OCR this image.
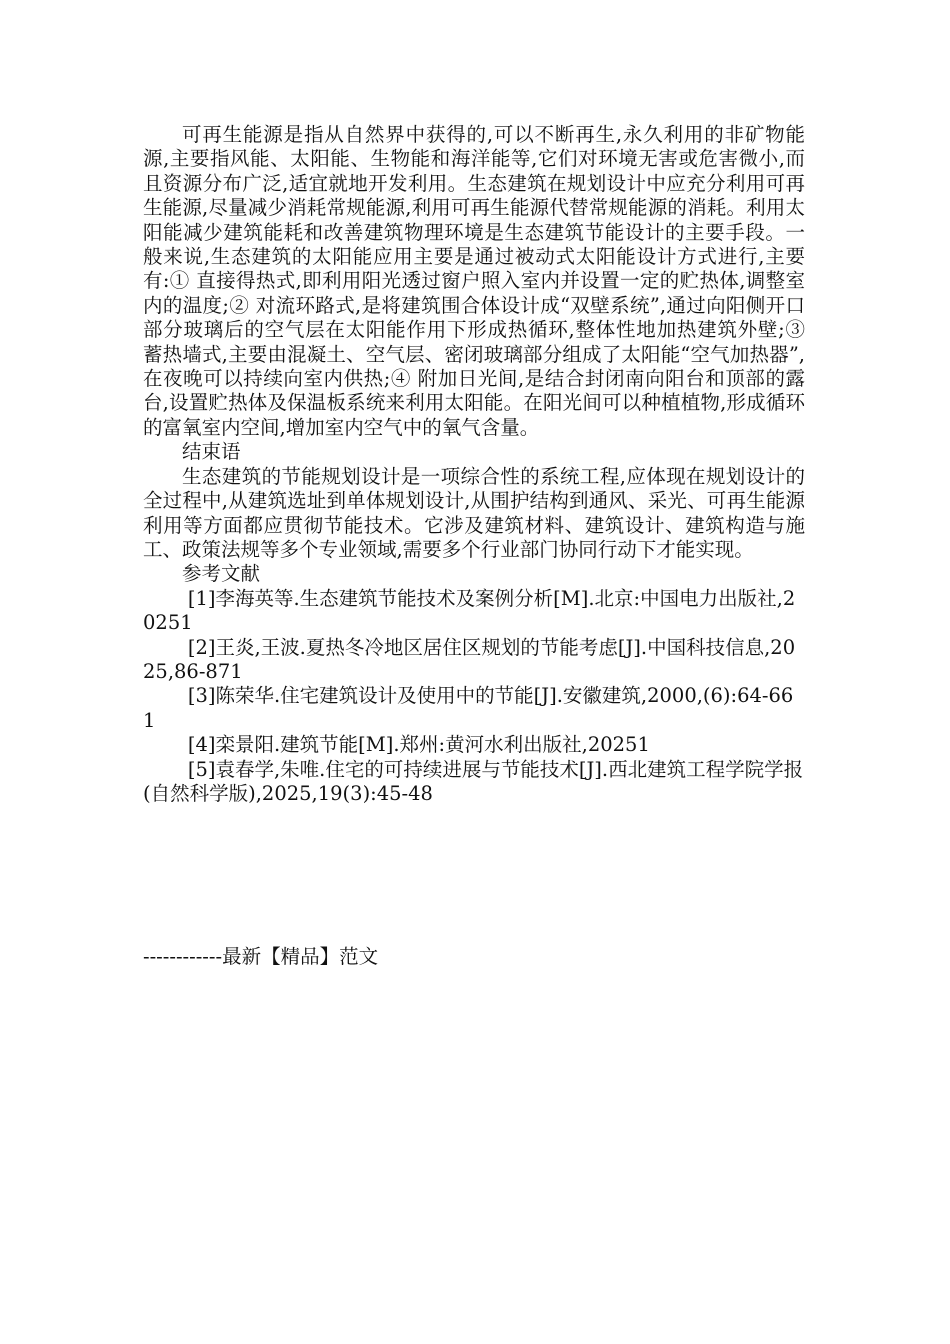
可再生能源是指从自然界中获得的,可以不断再生,永久利用的非矿物能源,主要指风能、太阳能、生物能和海洋能等,它们对环境无害或危害微小,而且资源分布广泛,适宜就地开发利用。生态建筑在规划设计中应充分利用可再生能源,尽量减少消耗常规能源,利用可再生能源代替常规能源的消耗。利用太阳能减少建筑能耗和改善建筑物理环境是生态建筑节能设计的主要手段。一般来说,生态建筑的太阳能应用主要是通过被动式太阳能设计方式进行,主要有:① 直接得热式,即利用阳光透过窗户照入室内并设置一定的贮热体,调整室内的温度;② 对流环路式,是将建筑围合体设计成“双壁系统”,通过向阳侧开口部分玻璃后的空气层在太阳能作用下形成热循环,整体性地加热建筑外壁;③ 蓄热墙式,主要由混凝土、空气层、密闭玻璃部分组成了太阳能“空气加热器”,在夜晚可以持续向室内供热;④ 附加日光间,是结合封闭南向阳台和顶部的露台,设置贮热体及保温板系统来利用太阳能。在阳光间可以种植植物,形成循环的富氧室内空间,增加室内空气中的氧气含量。

结束语

生态建筑的节能规划设计是一项综合性的系统工程,应体现在规划设计的全过程中,从建筑选址到单体规划设计,从围护结构到通风、采光、可再生能源利用等方面都应贯彻节能技术。它涉及建筑材料、建筑设计、建筑构造与施工、政策法规等多个专业领域,需要多个行业部门协同行动下才能实现。

参考文献

[1]李海英等.生态建筑节能技术及案例分析[M].北京:中国电力出版社,20251

[2]王炎,王波.夏热冬冷地区居住区规划的节能考虑[J].中国科技信息,2025,86-871

[3]陈荣华.住宅建筑设计及使用中的节能[J].安徽建筑,2000,(6):64-661

[4]栾景阳.建筑节能[M].郑州:黄河水利出版社,20251

[5]袁春学,朱唯.住宅的可持续进展与节能技术[J].西北建筑工程学院学报(自然科学版),2025,19(3):45-48

------------最新【精品】范文
